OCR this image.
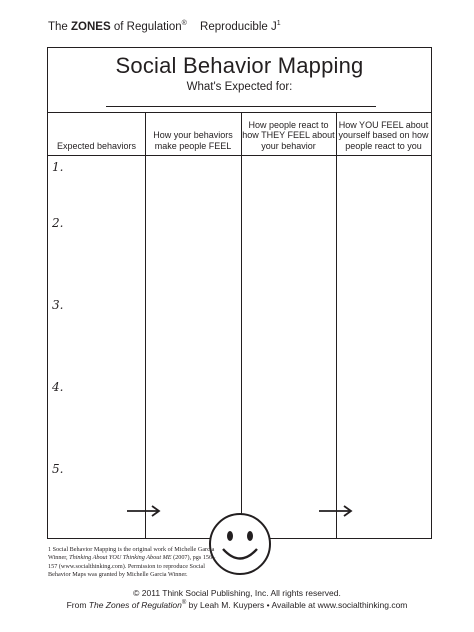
The ZONES of Regulation® Reproducible $J^1$
Social Behavior Mapping
What's Expected for:
Expected behaviors
How your behaviors make people FEEL
How people react to how THEY FEEL about your behavior
How YOU FEEL about yourself based on how people react to you
1.
2.
3.
4.
5.
1 Social Behavior Mapping is the original work of Michelle Garcia Winner, Thinking About YOU Thinking About ME (2007), pgs 156–157 (www.socialthinking.com). Permission to reproduce Social Behavior Maps was granted by Michelle Garcia Winner.
© 2011 Think Social Publishing, Inc. All rights reserved.
From The Zones of Regulation® by Leah M. Kuypers • Available at www.socialthinking.com
